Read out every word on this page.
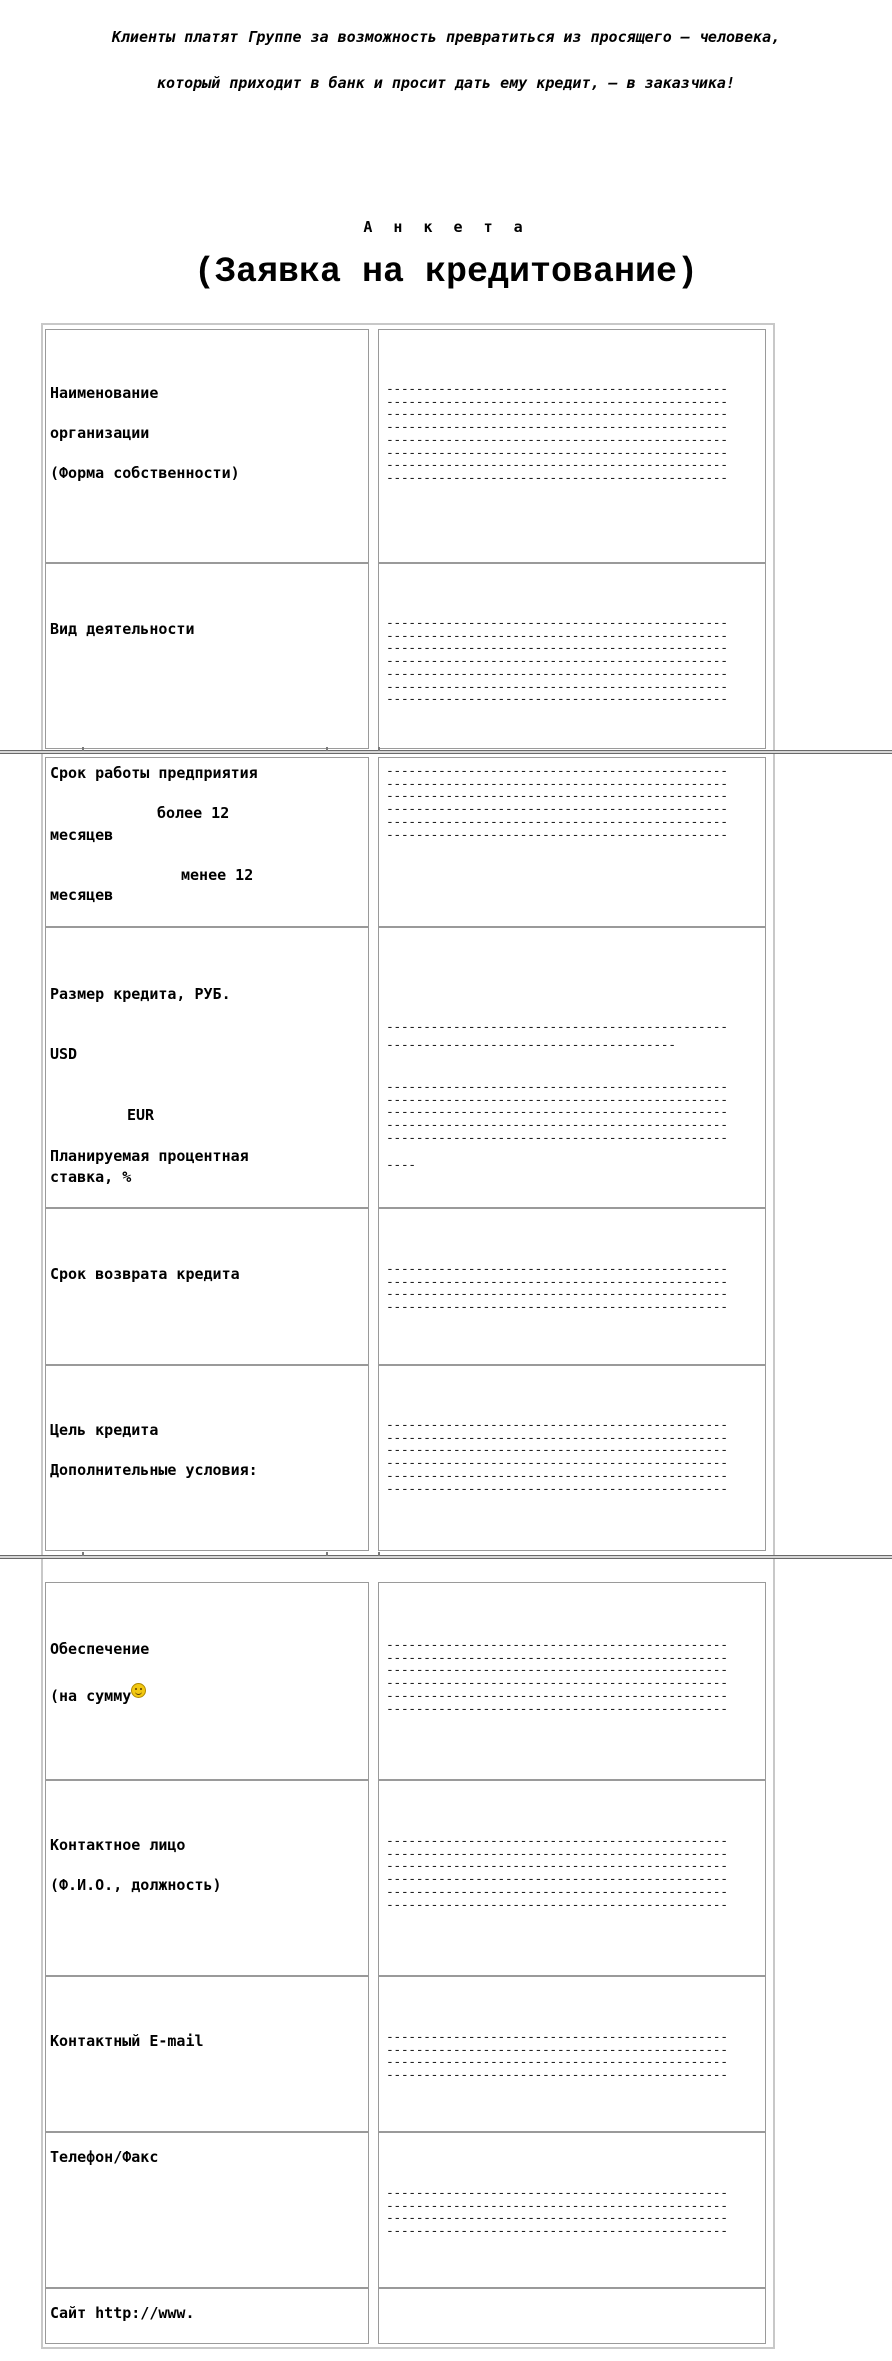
Клиенты платят Группе за возможность превратиться из просящего — человека,
который приходит в банк и просит дать ему кредит, — в заказчика!
А н к е т а
(Заявка на кредитование)
Наименование
организации
(Форма собственности)
Вид деятельности
Срок работы предприятия
более 12
месяцев
менее 12
месяцев
Размер кредита, РУБ.
USD
EUR
Планируемая процентная
ставка, %
Срок возврата кредита
Цель кредита
Дополнительные условия:
Обеспечение
(на сумму
Контактное лицо
(Ф.И.О., должность)
Контактный E-mail
Телефон/Факс
Сайт http://www.
----------------------------------------------
----------------------------------------------
----------------------------------------------
----------------------------------------------
----------------------------------------------
----------------------------------------------
----------------------------------------------
----------------------------------------------
----------------------------------------------
----------------------------------------------
----------------------------------------------
----------------------------------------------
----------------------------------------------
----------------------------------------------
----------------------------------------------
----------------------------------------------
----------------------------------------------
----------------------------------------------
----------------------------------------------
----------------------------------------------
----------------------------------------------
----------------------------------------------
---------------------------------------
----------------------------------------------
----------------------------------------------
----------------------------------------------
----------------------------------------------
----------------------------------------------
----
----------------------------------------------
----------------------------------------------
----------------------------------------------
----------------------------------------------
----------------------------------------------
----------------------------------------------
----------------------------------------------
----------------------------------------------
----------------------------------------------
----------------------------------------------
----------------------------------------------
----------------------------------------------
----------------------------------------------
----------------------------------------------
----------------------------------------------
----------------------------------------------
----------------------------------------------
----------------------------------------------
----------------------------------------------
----------------------------------------------
----------------------------------------------
----------------------------------------------
----------------------------------------------
----------------------------------------------
----------------------------------------------
----------------------------------------------
----------------------------------------------
----------------------------------------------
----------------------------------------------
----------------------------------------------
